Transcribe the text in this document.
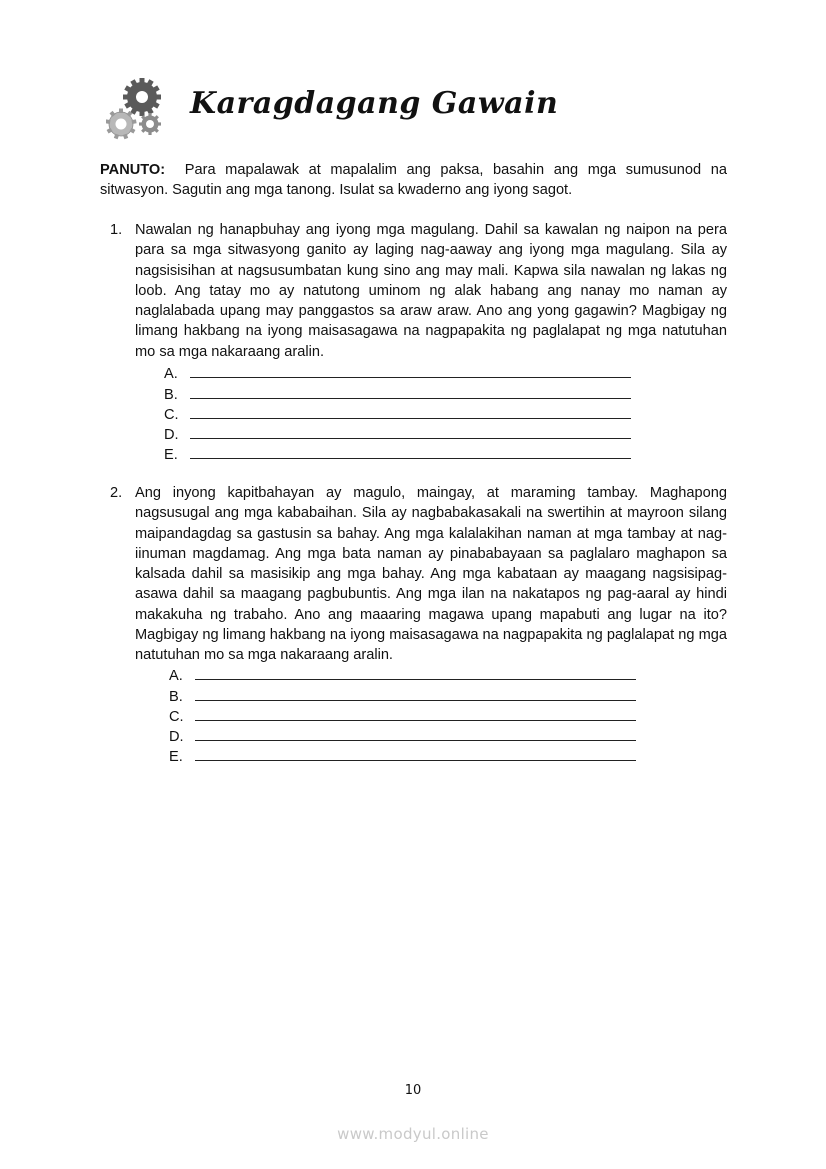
Karagdagang Gawain
PANUTO: Para mapalawak at mapalalim ang paksa, basahin ang mga sumusunod na sitwasyon. Sagutin ang mga tanong. Isulat sa kwaderno ang iyong sagot.
1. Nawalan ng hanapbuhay ang iyong mga magulang. Dahil sa kawalan ng naipon na pera para sa mga sitwasyong ganito ay laging nag-aaway ang iyong mga magulang. Sila ay nagsisisihan at nagsusumbatan kung sino ang may mali. Kapwa sila nawalan ng lakas ng loob. Ang tatay mo ay natutong uminom ng alak habang ang nanay mo naman ay naglalabada upang may panggastos sa araw araw. Ano ang yong gagawin? Magbigay ng limang hakbang na iyong maisasagawa na nagpapakita ng paglalapat ng mga natutuhan mo sa mga nakaraang aralin.
A.
B.
C.
D.
E.
2. Ang inyong kapitbahayan ay magulo, maingay, at maraming tambay. Maghapong nagsusugal ang mga kababaihan. Sila ay nagbabakasakali na swertihin at mayroon silang maipandagdag sa gastusin sa bahay. Ang mga kalalakihan naman at mga tambay at nag-iinuman magdamag. Ang mga bata naman ay pinababayaan sa paglalaro maghapon sa kalsada dahil sa masisikip ang mga bahay. Ang mga kabataan ay maagang nagsisipag-asawa dahil sa maagang pagbubuntis. Ang mga ilan na nakatapos ng pag-aaral ay hindi makakuha ng trabaho. Ano ang maaaring magawa upang mapabuti ang lugar na ito? Magbigay ng limang hakbang na iyong maisasagawa na nagpapakita ng paglalapat ng mga natutuhan mo sa mga nakaraang aralin.
A.
B.
C.
D.
E.
10
www.modyul.online
